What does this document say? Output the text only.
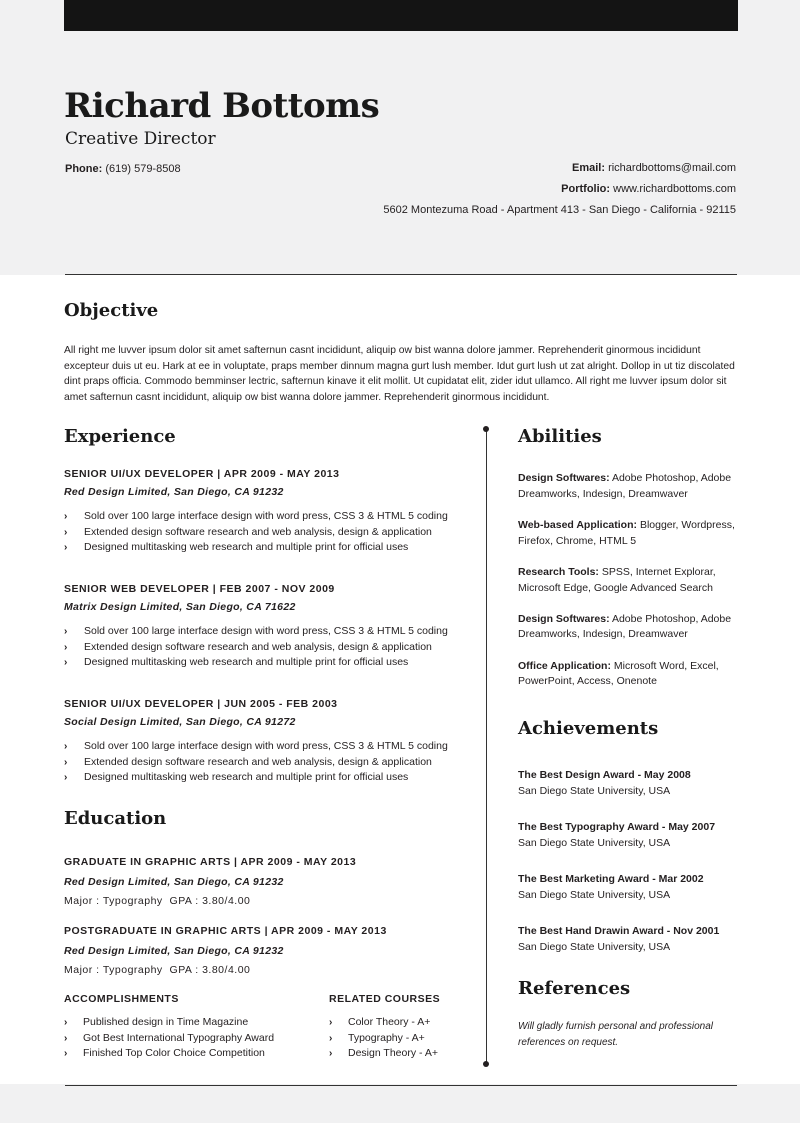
Richard Bottoms
Creative Director
Phone: (619) 579-8508	Email: richardbottoms@mail.com
Portfolio: www.richardbottoms.com
5602 Montezuma Road - Apartment 413 - San Diego - California - 92115
Objective
All right me luvver ipsum dolor sit amet safternun casnt incididunt, aliquip ow bist wanna dolore jammer. Reprehenderit ginormous incididunt excepteur duis ut eu. Hark at ee in voluptate, praps member dinnum magna gurt lush member. Idut gurt lush ut zat alright. Dollop in ut tiz discolated dint praps officia. Commodo bemminser lectric, safternun kinave it elit mollit. Ut cupidatat elit, zider idut ullamco. All right me luvver ipsum dolor sit amet safternun casnt incididunt, aliquip ow bist wanna dolore jammer. Reprehenderit ginormous incididunt.
Experience
SENIOR UI/UX DEVELOPER | APR 2009 - MAY 2013
Red Design Limited, San Diego, CA 91232
› Sold over 100 large interface design with word press, CSS 3 & HTML 5 coding
› Extended design software research and web analysis, design & application
› Designed multitasking web research and multiple print for official uses
SENIOR WEB DEVELOPER | FEB 2007 - NOV 2009
Matrix Design Limited, San Diego, CA 71622
› Sold over 100 large interface design with word press, CSS 3 & HTML 5 coding
› Extended design software research and web analysis, design & application
› Designed multitasking web research and multiple print for official uses
SENIOR UI/UX DEVELOPER | JUN 2005 - FEB 2003
Social Design Limited, San Diego, CA 91272
› Sold over 100 large interface design with word press, CSS 3 & HTML 5 coding
› Extended design software research and web analysis, design & application
› Designed multitasking web research and multiple print for official uses
Education
GRADUATE IN GRAPHIC ARTS | APR 2009 - MAY 2013
Red Design Limited, San Diego, CA 91232
Major : Typography  GPA : 3.80/4.00
POSTGRADUATE IN GRAPHIC ARTS | APR 2009 - MAY 2013
Red Design Limited, San Diego, CA 91232
Major : Typography  GPA : 3.80/4.00
ACCOMPLISHMENTS
› Published design in Time Magazine
› Got Best International Typography Award
› Finished Top Color Choice Competition
RELATED COURSES
› Color Theory - A+
› Typography - A+
› Design Theory - A+
Abilities
Design Softwares: Adobe Photoshop, Adobe Dreamworks, Indesign, Dreamwaver
Web-based Application: Blogger, Wordpress, Firefox, Chrome, HTML 5
Research Tools: SPSS, Internet Explorar, Microsoft Edge, Google Advanced Search
Design Softwares: Adobe Photoshop, Adobe Dreamworks, Indesign, Dreamwaver
Office Application: Microsoft Word, Excel, PowerPoint, Access, Onenote
Achievements
The Best Design Award - May 2008
San Diego State University, USA
The Best Typography Award - May 2007
San Diego State University, USA
The Best Marketing Award - Mar 2002
San Diego State University, USA
The Best Hand Drawin Award - Nov 2001
San Diego State University, USA
References
Will gladly furnish personal and professional references on request.
